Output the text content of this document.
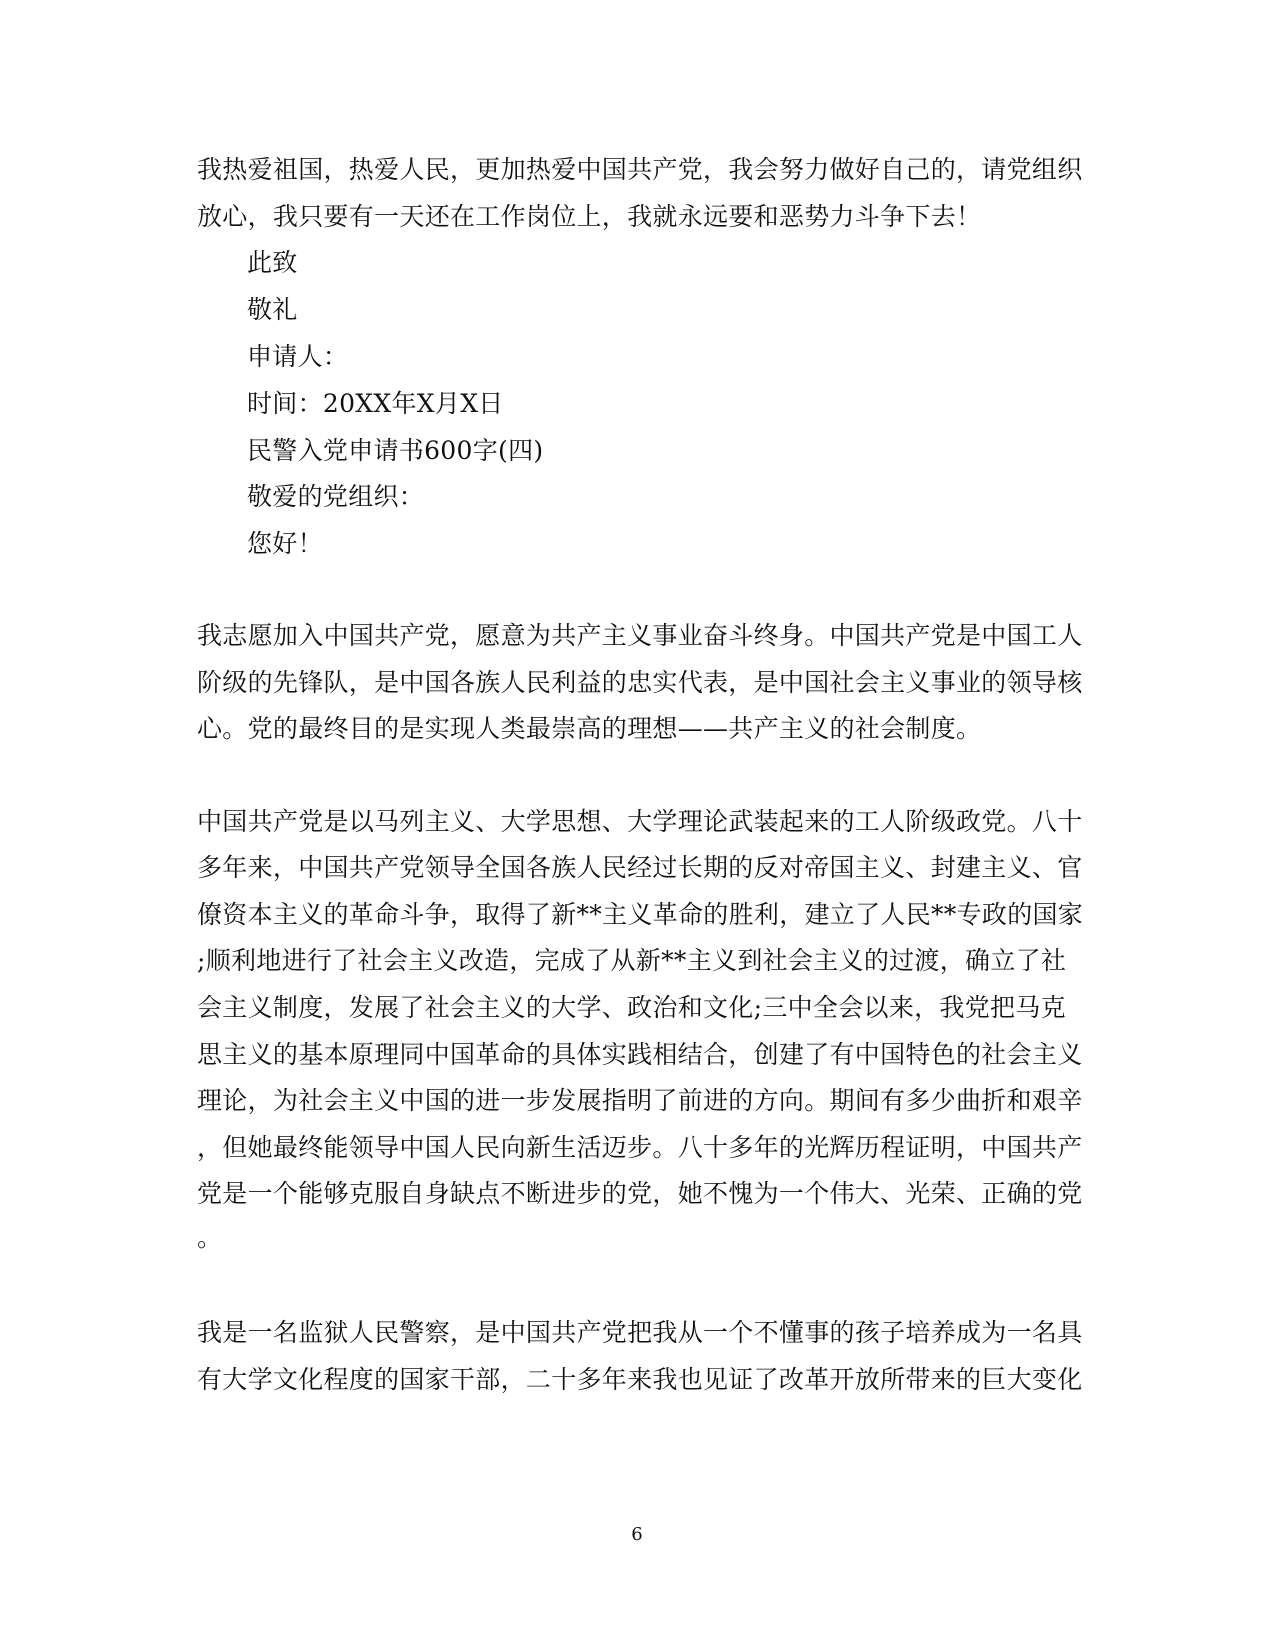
我热爱祖国，热爱人民，更加热爱中国共产党，我会努力做好自己的，请党组织
放心，我只要有一天还在工作岗位上，我就永远要和恶势力斗争下去！
此致
敬礼
申请人：
时间：20XX年X月X日
民警入党申请书600字(四)
敬爱的党组织：
您好！
我志愿加入中国共产党，愿意为共产主义事业奋斗终身。中国共产党是中国工人
阶级的先锋队，是中国各族人民利益的忠实代表，是中国社会主义事业的领导核
心。党的最终目的是实现人类最崇高的理想——共产主义的社会制度。
中国共产党是以马列主义、大学思想、大学理论武装起来的工人阶级政党。八十
多年来，中国共产党领导全国各族人民经过长期的反对帝国主义、封建主义、官
僚资本主义的革命斗争，取得了新**主义革命的胜利，建立了人民**专政的国家
;顺利地进行了社会主义改造，完成了从新**主义到社会主义的过渡，确立了社
会主义制度，发展了社会主义的大学、政治和文化;三中全会以来，我党把马克
思主义的基本原理同中国革命的具体实践相结合，创建了有中国特色的社会主义
理论，为社会主义中国的进一步发展指明了前进的方向。期间有多少曲折和艰辛
，但她最终能领导中国人民向新生活迈步。八十多年的光辉历程证明，中国共产
党是一个能够克服自身缺点不断进步的党，她不愧为一个伟大、光荣、正确的党
。
我是一名监狱人民警察，是中国共产党把我从一个不懂事的孩子培养成为一名具
有大学文化程度的国家干部，二十多年来我也见证了改革开放所带来的巨大变化
6
